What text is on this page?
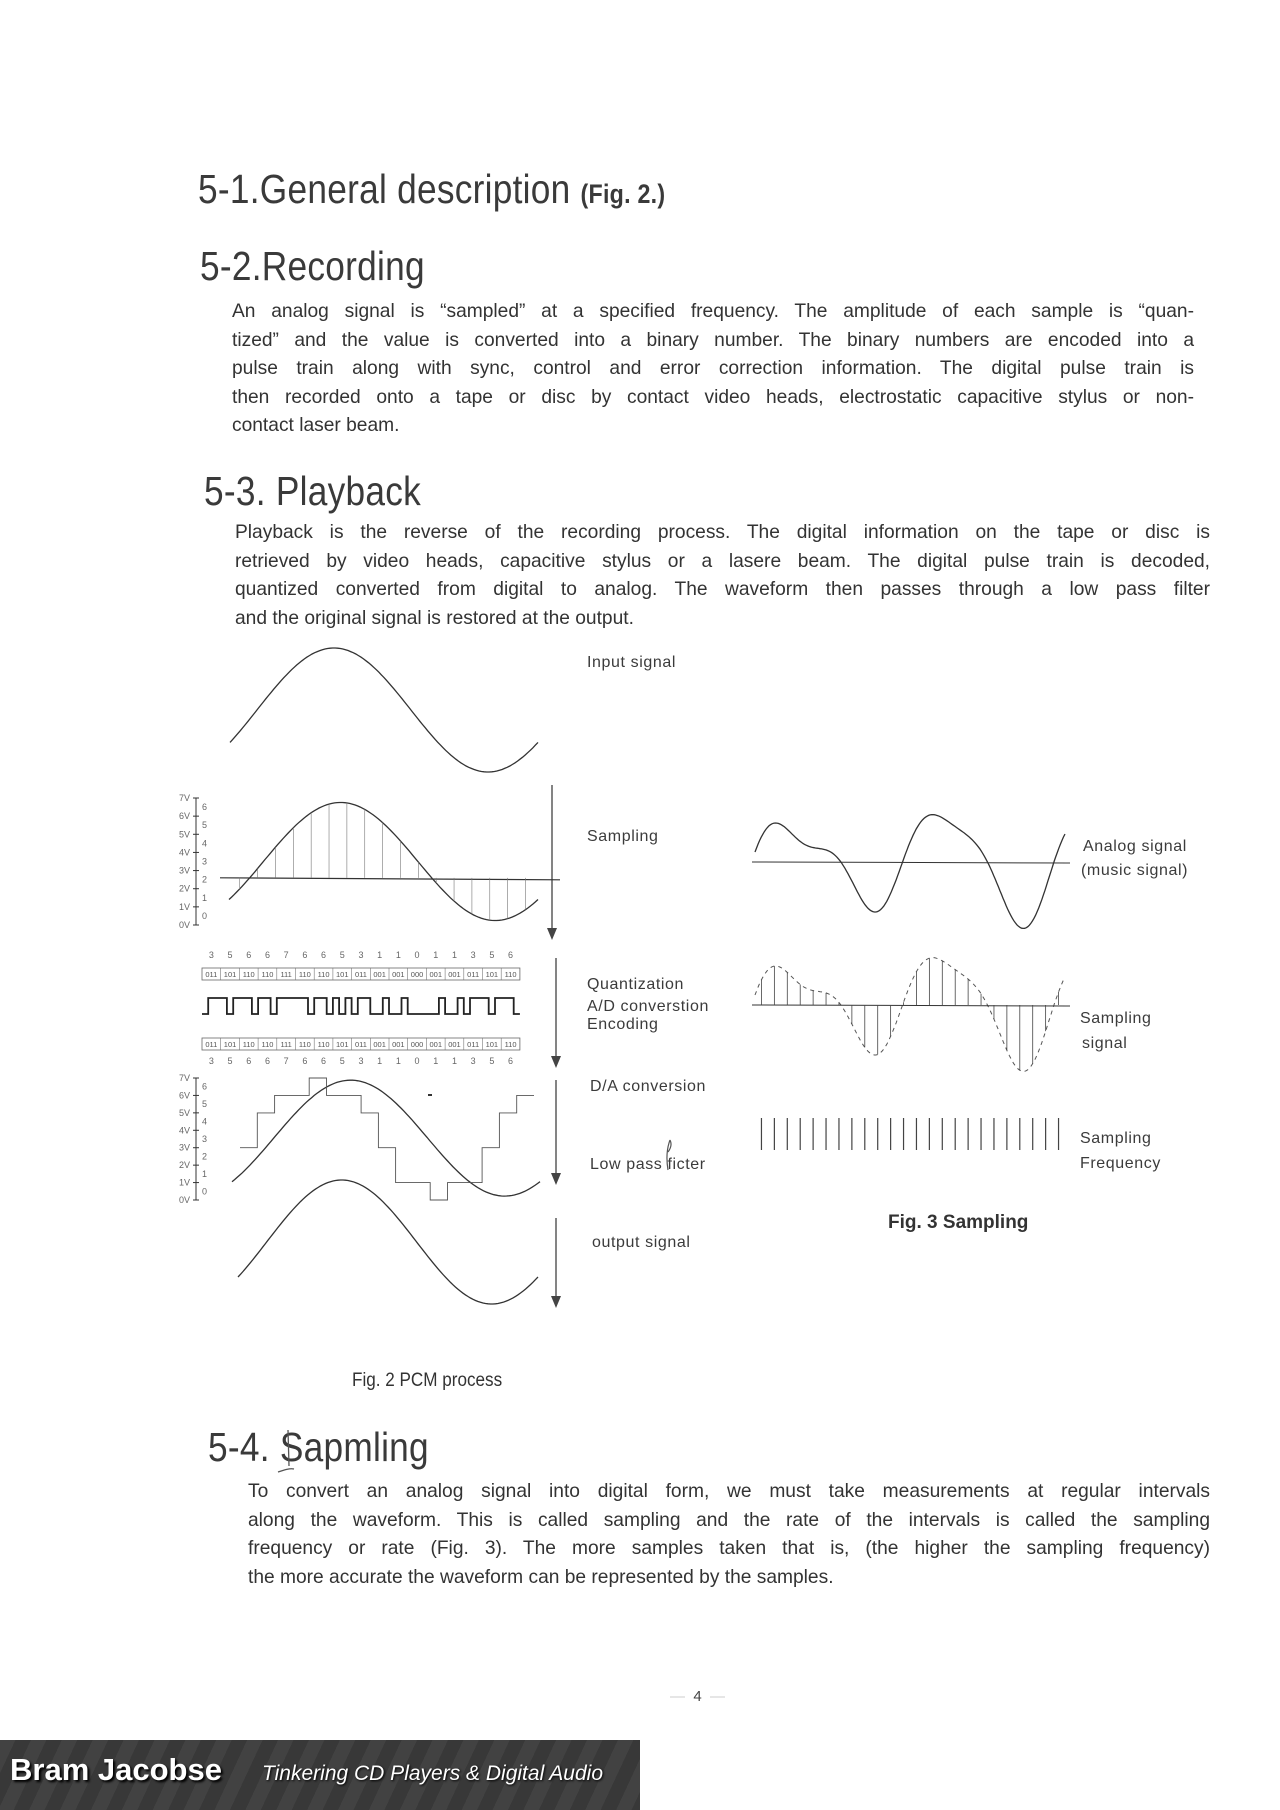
5-1.General description (Fig. 2.)
5-2.Recording
An analog signal is “sampled” at a specified frequency. The amplitude of each sample is “quan-
tized” and the value is converted into a binary number. The binary numbers are encoded into a
pulse train along with sync, control and error correction information. The digital pulse train is
then recorded onto a tape or disc by contact video heads, electrostatic capacitive stylus or non-
contact laser beam.
5-3. Playback
Playback is the reverse of the recording process. The digital information on the tape or disc is
retrieved by video heads, capacitive stylus or a lasere beam. The digital pulse train is decoded,
quantized converted from digital to analog. The waveform then passes through a low pass filter
and the original signal is restored at the output.
7V
6V
5V
4V
3V
2V
1V
0V
6
5
4
3
2
1
0
3
3
5
5
6
6
6
6
7
7
6
6
6
6
5
5
3
3
1
1
1
1
0
0
1
1
1
1
3
3
5
5
6
6
011 101 110 110 111 110 110 101 011 001 001 000 001 001 011 101 110
011 101 110 110 111 110 110 101 011 001 001 000 001 001 011 101 110
7V
6V
5V
4V
3V
2V
1V
0V
6
5
4
3
2
1
0
Input signal
Sampling
Quantization
A/D converstion
Encoding
D/A conversion
Low pass ficter
output signal
Fig. 2 PCM process
Analog signal
(music signal)
Sampling
signal
Sampling
Frequency
Fig. 3 Sampling
5-4. Sapmling
To convert an analog signal into digital form, we must take measurements at regular intervals
along the waveform. This is called sampling and the rate of the intervals is called the sampling
frequency or rate (Fig. 3). The more samples taken that is, (the higher the sampling frequency)
the more accurate the waveform can be represented by the samples.
—  4  —
Bram Jacobse Tinkering CD Players & Digital Audio
